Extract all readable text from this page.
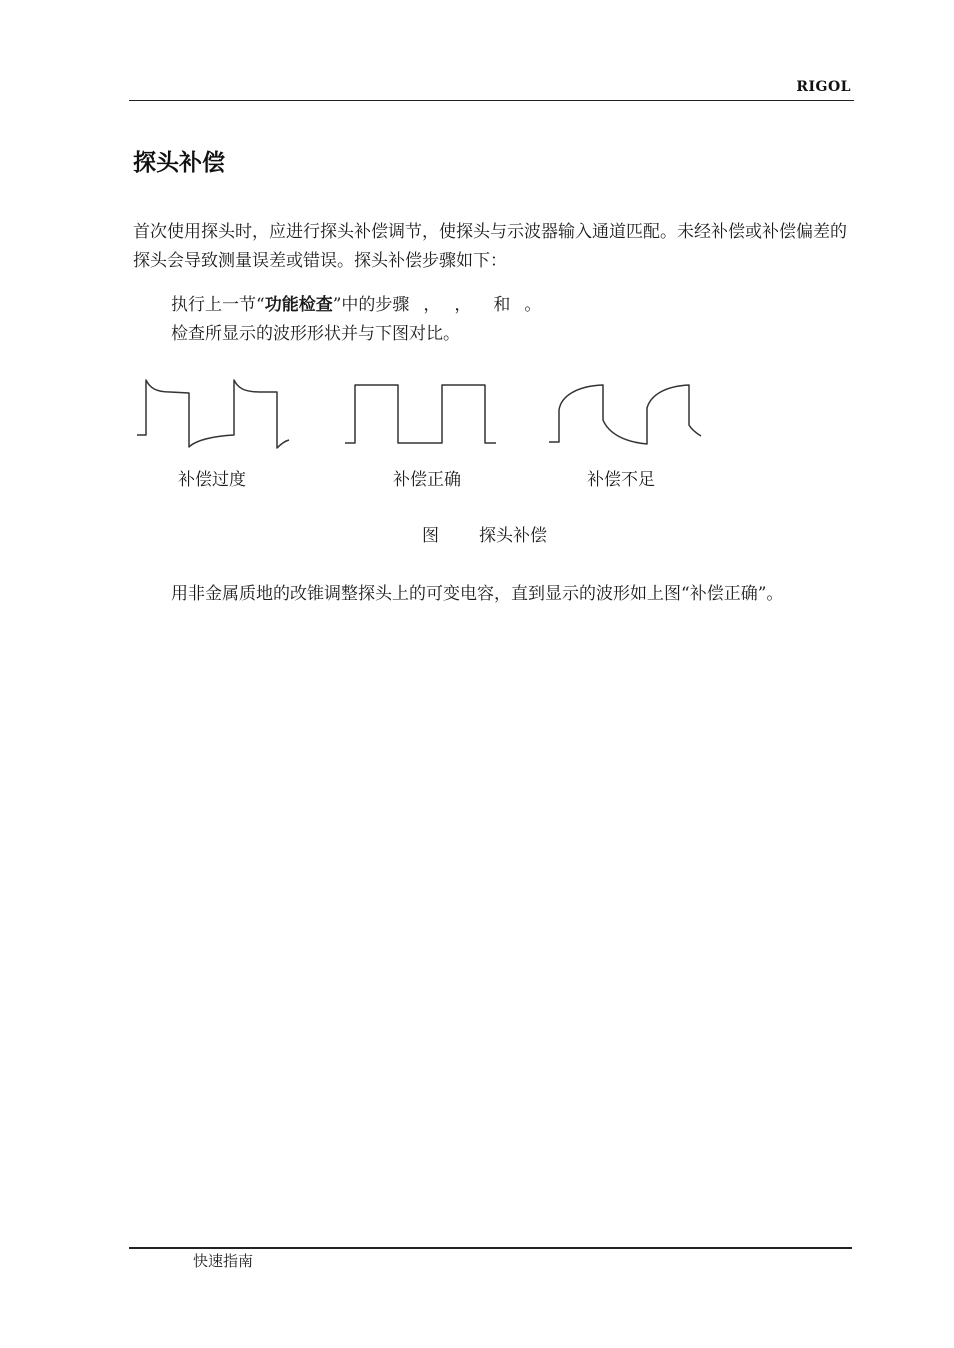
RIGOL
探头补偿

首次使用探头时，应进行探头补偿调节，使探头与示波器输入通道匹配。未经补偿或补偿偏差的探头会导致测量误差或错误。探头补偿步骤如下：

执行上一节“功能检查”中的步骤 ， ， 和 。
检查所显示的波形形状并与下图对比。
补偿过度	补偿正确	补偿不足
图 探头补偿
用非金属质地的改锥调整探头上的可变电容，直到显示的波形如上图“补偿正确”。
快速指南
